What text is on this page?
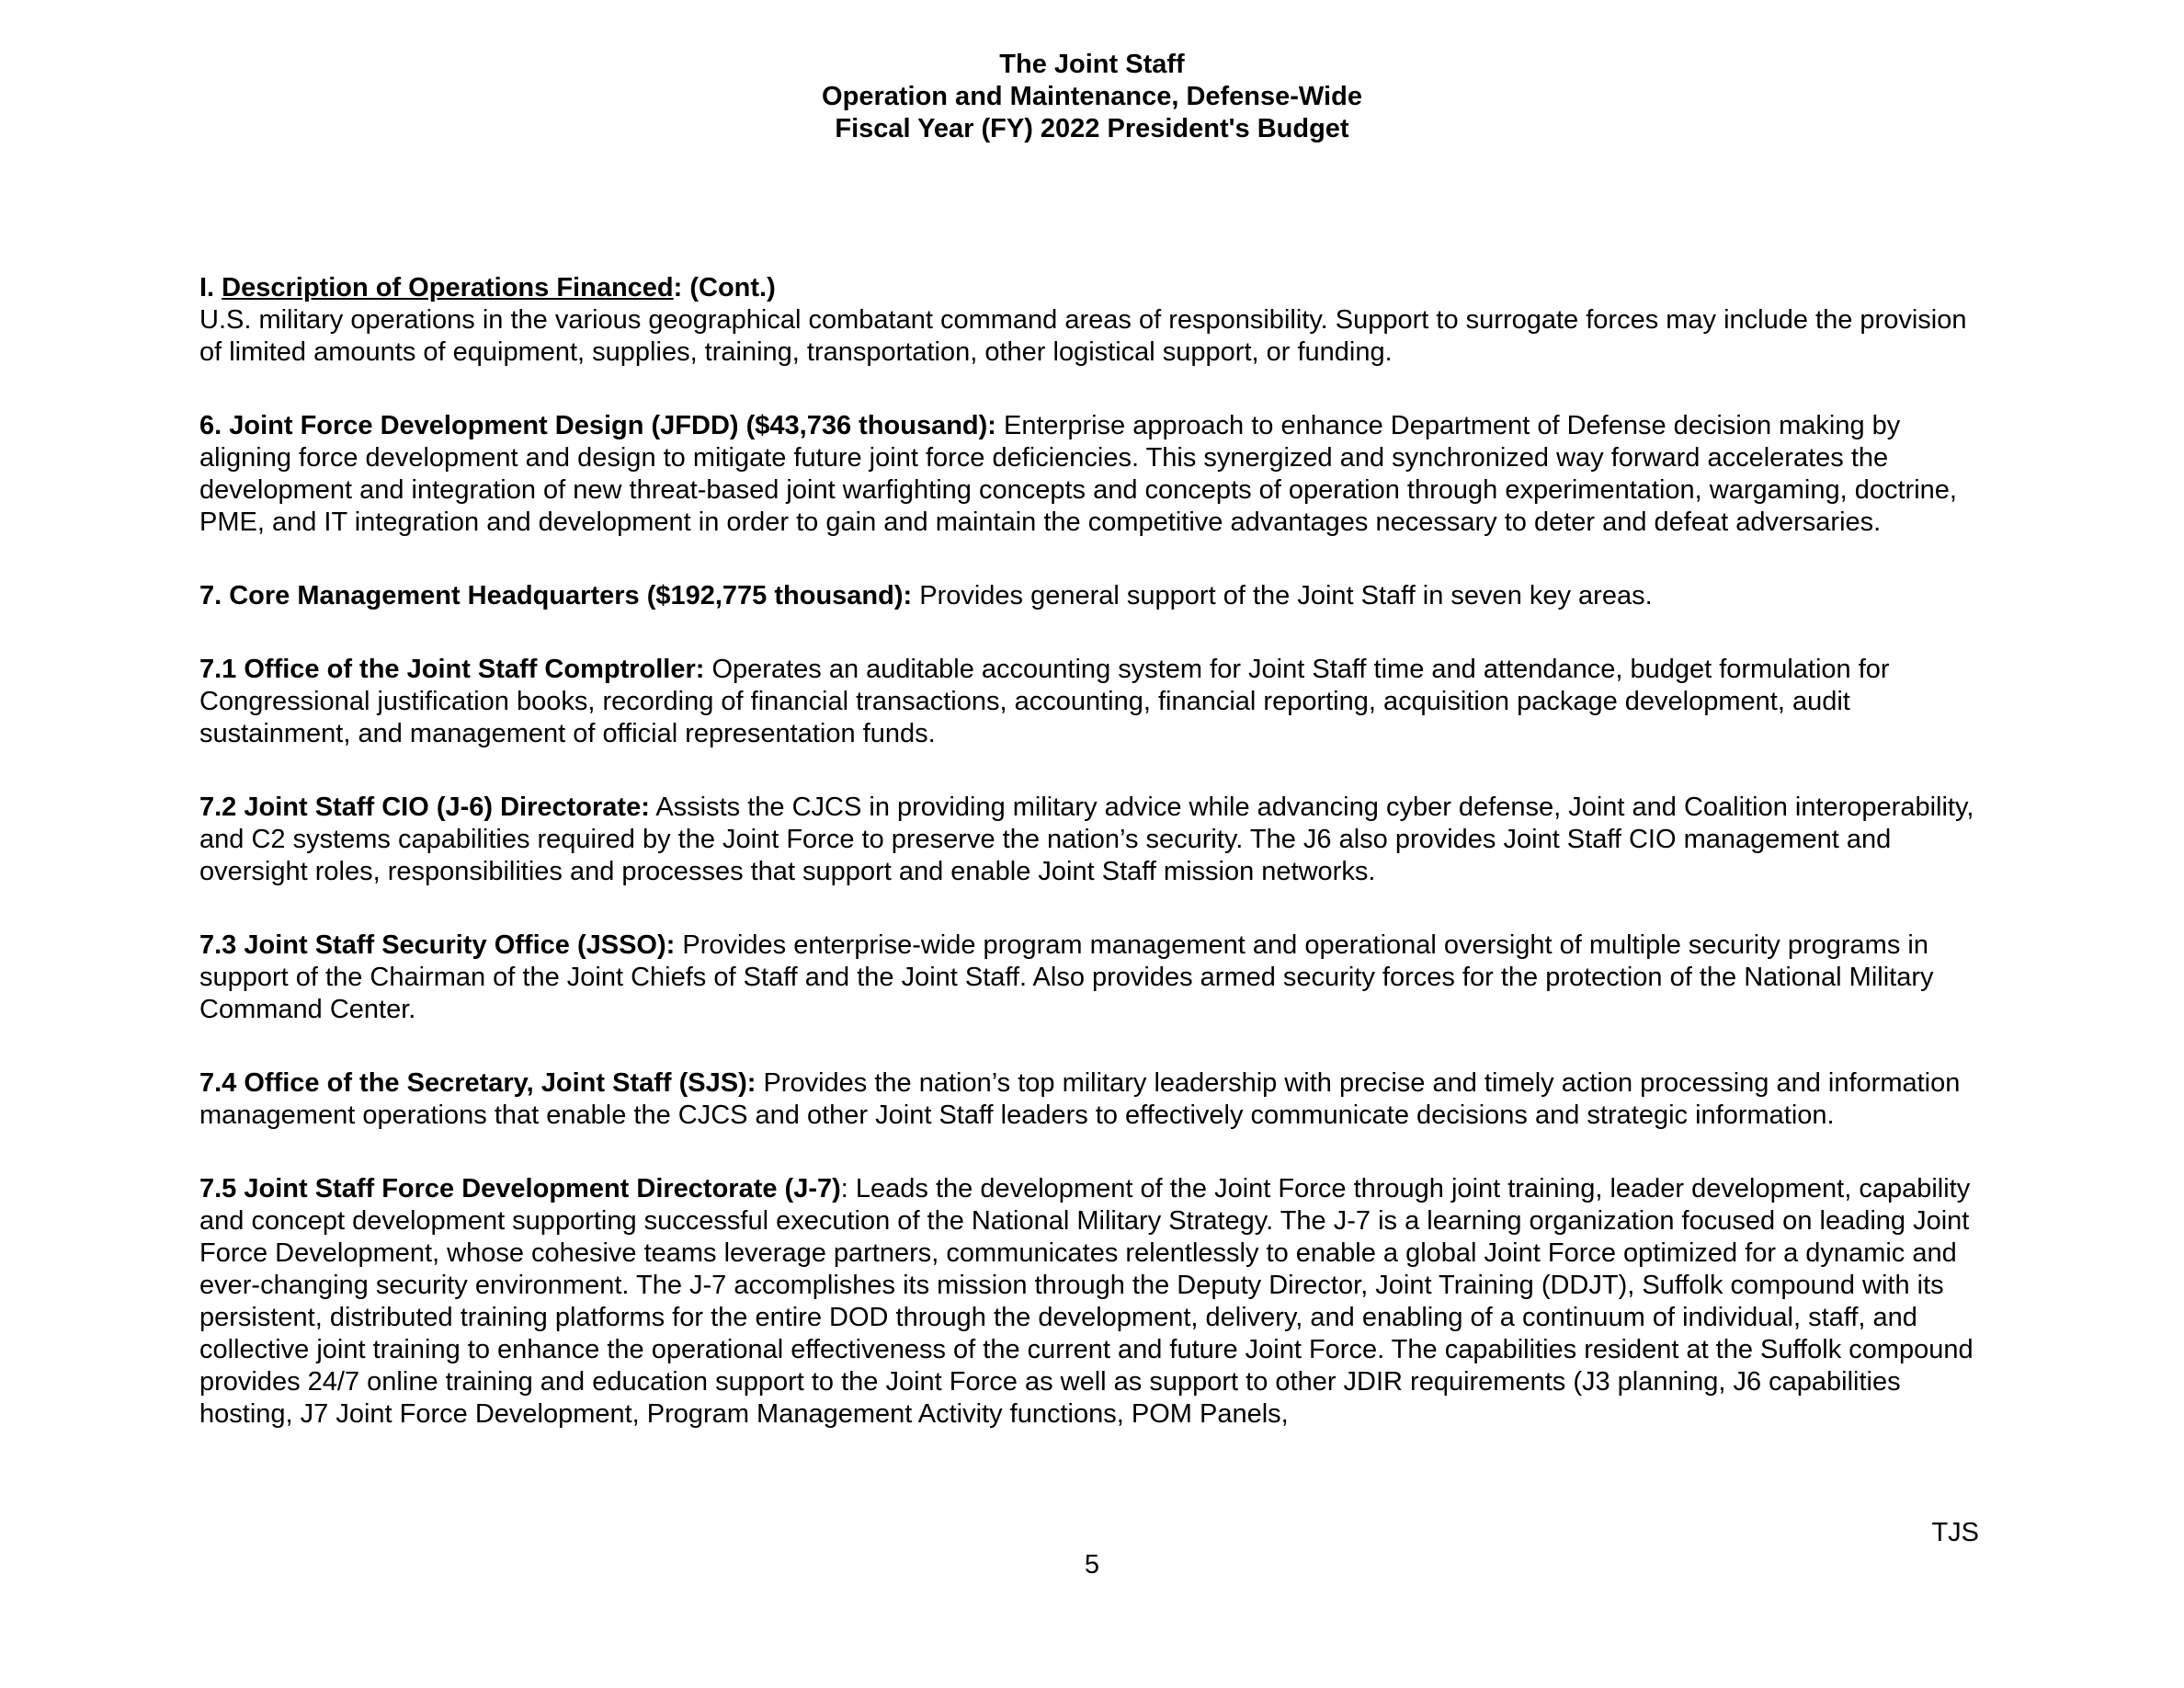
The Joint Staff
Operation and Maintenance, Defense-Wide
Fiscal Year (FY) 2022 President's Budget

I. Description of Operations Financed: (Cont.)
U.S. military operations in the various geographical combatant command areas of responsibility. Support to surrogate forces may include the provision of limited amounts of equipment, supplies, training, transportation, other logistical support, or funding.

6. Joint Force Development Design (JFDD) ($43,736 thousand): Enterprise approach to enhance Department of Defense decision making by aligning force development and design to mitigate future joint force deficiencies. This synergized and synchronized way forward accelerates the development and integration of new threat-based joint warfighting concepts and concepts of operation through experimentation, wargaming, doctrine, PME, and IT integration and development in order to gain and maintain the competitive advantages necessary to deter and defeat adversaries.

7. Core Management Headquarters ($192,775 thousand): Provides general support of the Joint Staff in seven key areas.

7.1 Office of the Joint Staff Comptroller: Operates an auditable accounting system for Joint Staff time and attendance, budget formulation for Congressional justification books, recording of financial transactions, accounting, financial reporting, acquisition package development, audit sustainment, and management of official representation funds.

7.2 Joint Staff CIO (J-6) Directorate: Assists the CJCS in providing military advice while advancing cyber defense, Joint and Coalition interoperability, and C2 systems capabilities required by the Joint Force to preserve the nation’s security. The J6 also provides Joint Staff CIO management and oversight roles, responsibilities and processes that support and enable Joint Staff mission networks.

7.3 Joint Staff Security Office (JSSO): Provides enterprise-wide program management and operational oversight of multiple security programs in support of the Chairman of the Joint Chiefs of Staff and the Joint Staff. Also provides armed security forces for the protection of the National Military Command Center.

7.4 Office of the Secretary, Joint Staff (SJS): Provides the nation’s top military leadership with precise and timely action processing and information management operations that enable the CJCS and other Joint Staff leaders to effectively communicate decisions and strategic information.

7.5 Joint Staff Force Development Directorate (J-7): Leads the development of the Joint Force through joint training, leader development, capability and concept development supporting successful execution of the National Military Strategy. The J-7 is a learning organization focused on leading Joint Force Development, whose cohesive teams leverage partners, communicates relentlessly to enable a global Joint Force optimized for a dynamic and ever-changing security environment. The J-7 accomplishes its mission through the Deputy Director, Joint Training (DDJT), Suffolk compound with its persistent, distributed training platforms for the entire DOD through the development, delivery, and enabling of a continuum of individual, staff, and collective joint training to enhance the operational effectiveness of the current and future Joint Force. The capabilities resident at the Suffolk compound provides 24/7 online training and education support to the Joint Force as well as support to other JDIR requirements (J3 planning, J6 capabilities hosting, J7 Joint Force Development, Program Management Activity functions, POM Panels,

TJS
5
